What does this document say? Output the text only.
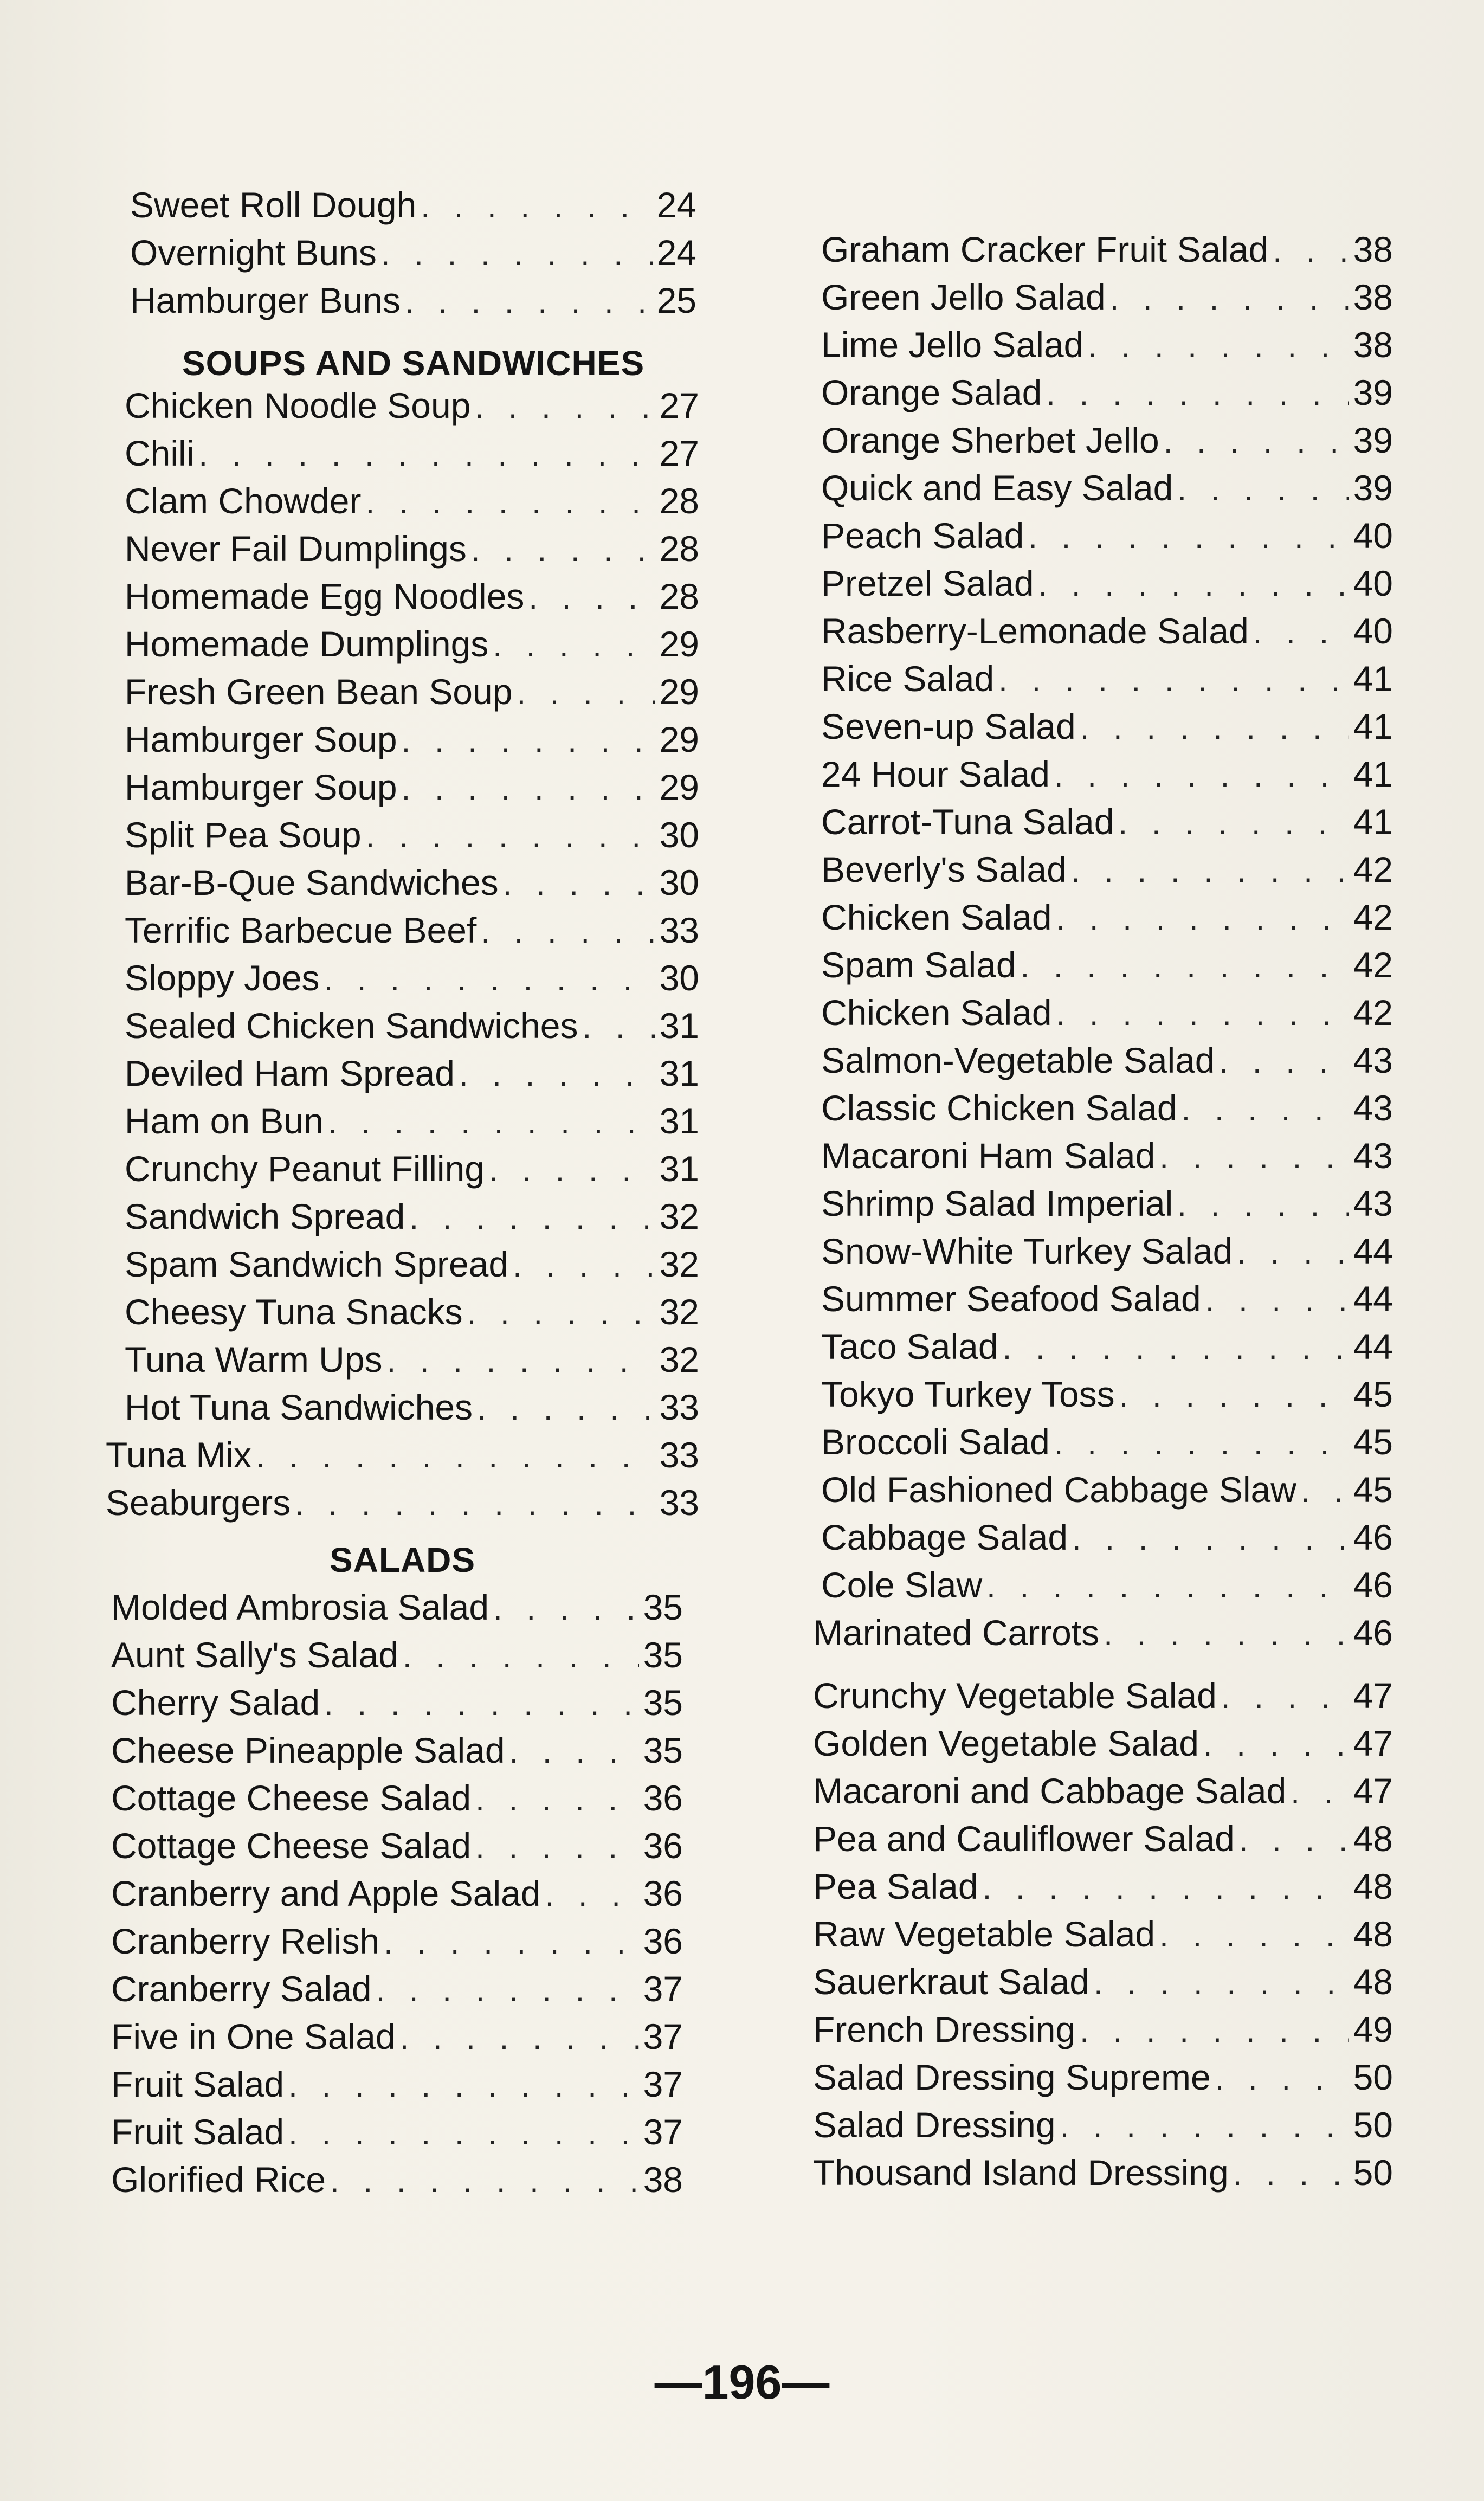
Sweet Roll Dough . . .	24
Overnight Buns . . .	24
Hamburger Buns . . .	25
SOUPS AND SANDWICHES
Chicken Noodle Soup . . .	27
Chili . . .	27
Clam Chowder . . .	28
Never Fail Dumplings . . .	28
Homemade Egg Noodles . . .	28
Homemade Dumplings . . .	29
Fresh Green Bean Soup . . .	29
Hamburger Soup . . .	29
Hamburger Soup . . .	29
Split Pea Soup . . .	30
Bar-B-Que Sandwiches . . .	30
Terrific Barbecue Beef . . .	33
Sloppy Joes . . .	30
Sealed Chicken Sandwiches . . . 31
Deviled Ham Spread . . .	31
Ham on Bun . . .	31
Crunchy Peanut Filling . . .	31
Sandwich Spread . . .	32
Spam Sandwich Spread . . .	32
Cheesy Tuna Snacks . . .	32
Tuna Warm Ups . . .	32
Hot Tuna Sandwiches . . .	33
Tuna Mix . . .	33
Seaburgers . . .	33
SALADS
Molded Ambrosia Salad . . .	35
Aunt Sally's Salad . . .	35
Cherry Salad . . .	35
Cheese Pineapple Salad . . .	35
Cottage Cheese Salad . . .	36
Cottage Cheese Salad . . .	36
Cranberry and Apple Salad . . .	36
Cranberry Relish . . .	36
Cranberry Salad . . .	37
Five in One Salad . . .	37
Fruit Salad . . .	37
Fruit Salad . . .	37
Glorified Rice . . .	38
Graham Cracker Fruit Salad . . . 38
Green Jello Salad . . .	38
Lime Jello Salad . . .	38
Orange Salad . . .	39
Orange Sherbet Jello . . .	39
Quick and Easy Salad . . .	39
Peach Salad . . .	40
Pretzel Salad . . .	40
Rasberry-Lemonade Salad . . .	40
Rice Salad . . .	41
Seven-up Salad . . .	41
24 Hour Salad . . .	41
Carrot-Tuna Salad . . .	41
Beverly's Salad . . .	42
Chicken Salad . . .	42
Spam Salad . . .	42
Chicken Salad . . .	42
Salmon-Vegetable Salad . . .	43
Classic Chicken Salad . . .	43
Macaroni Ham Salad . . .	43
Shrimp Salad Imperial . . .	43
Snow-White Turkey Salad . . .	44
Summer Seafood Salad . . .	44
Taco Salad . . .	44
Tokyo Turkey Toss . . .	45
Broccoli Salad . . .	45
Old Fashioned Cabbage Slaw . . . 45
Cabbage Salad . . .	46
Cole Slaw . . .	46
Marinated Carrots . . .	46
Crunchy Vegetable Salad . . .	47
Golden Vegetable Salad . . .	47
Macaroni and Cabbage Salad . . . 47
Pea and Cauliflower Salad . . .	48
Pea Salad . . .	48
Raw Vegetable Salad . . .	48
Sauerkraut Salad . . .	48
French Dressing . . .	49
Salad Dressing Supreme . . .	50
Salad Dressing . . .	50
Thousand Island Dressing . . .	50
—196—
